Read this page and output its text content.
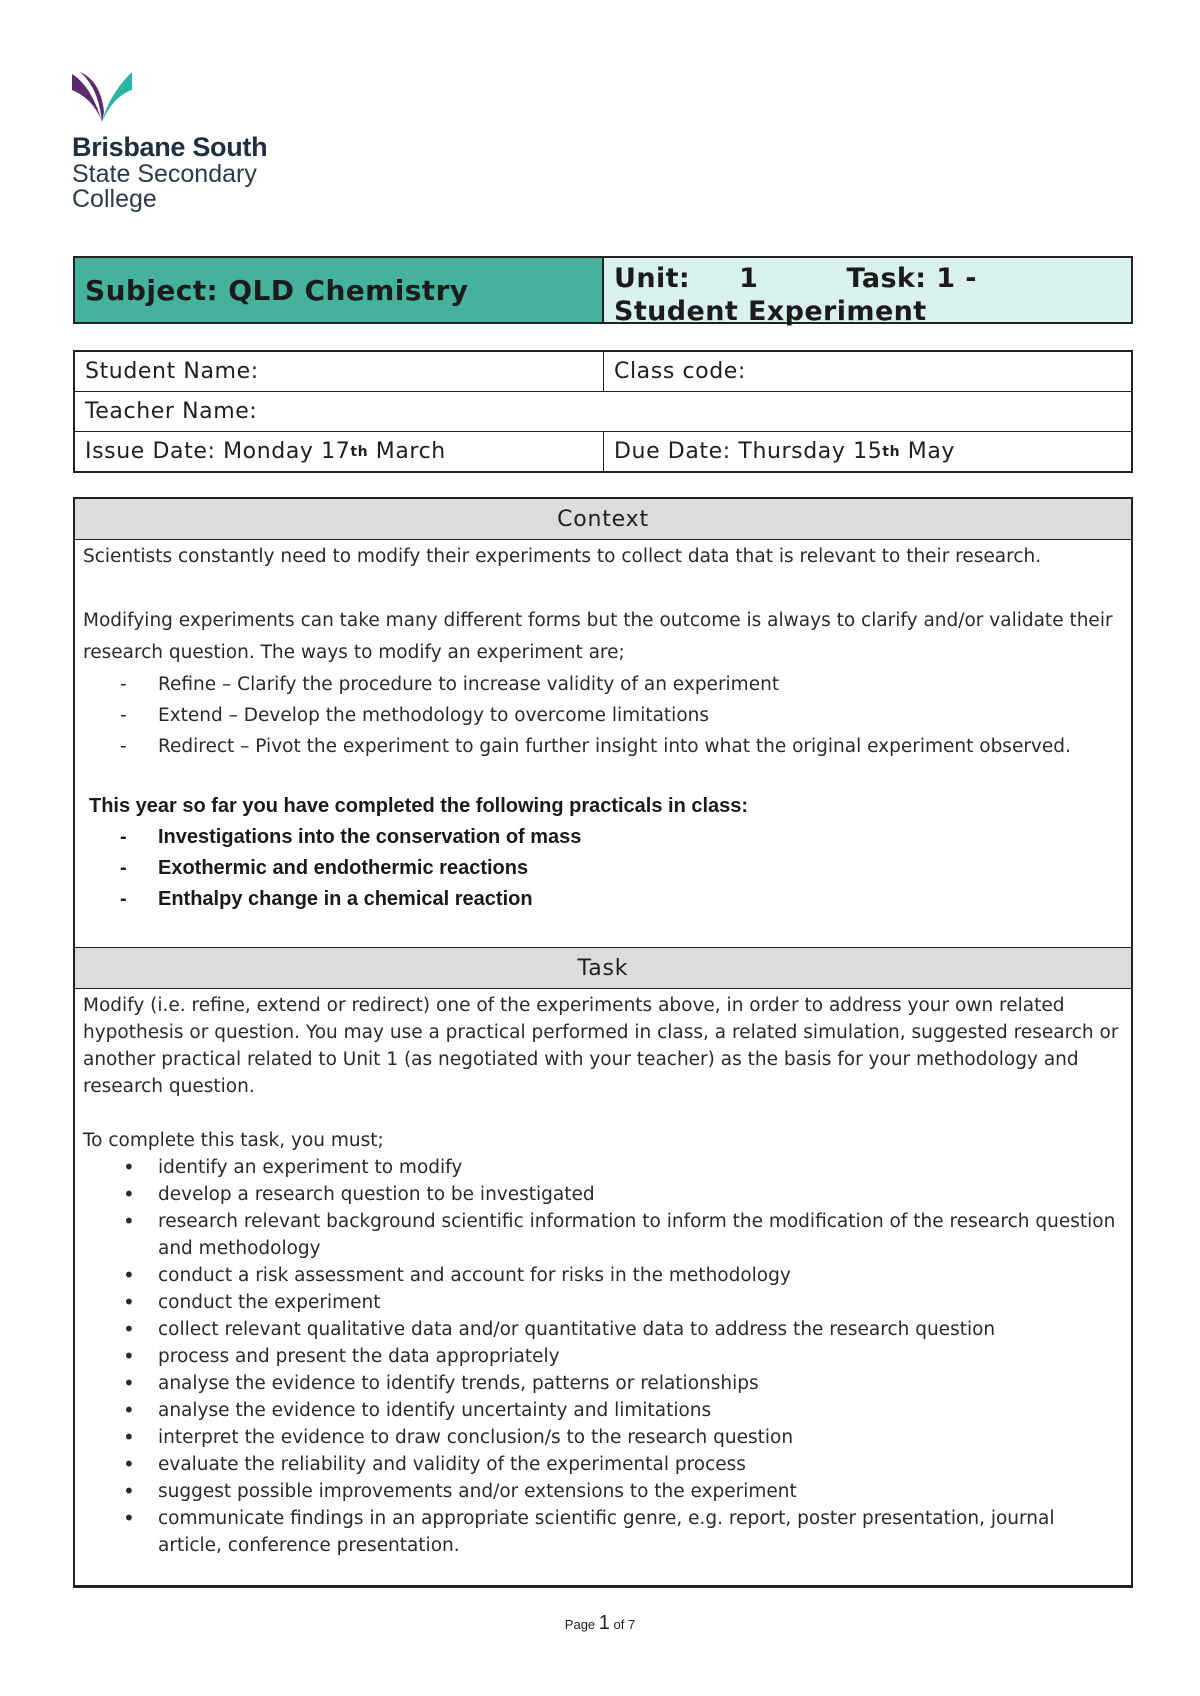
Brisbane South
State Secondary
College
Subject: QLD Chemistry	Unit:     1         Task: 1 -
Student Experiment
Student Name:	Class code:
Teacher Name:
Issue Date: Monday 17 th March	Due Date: Thursday 15 th May
Context

Scientists constantly need to modify their experiments to collect data that is relevant to their research.

Modifying experiments can take many different forms but the outcome is always to clarify and/or validate their research question. The ways to modify an experiment are;

- Refine – Clarify the procedure to increase validity of an experiment
- Extend – Develop the methodology to overcome limitations
- Redirect – Pivot the experiment to gain further insight into what the original experiment observed.

This year so far you have completed the following practicals in class:

- Investigations into the conservation of mass
- Exothermic and endothermic reactions
- Enthalpy change in a chemical reaction
Task

Modify (i.e. refine, extend or redirect) one of the experiments above, in order to address your own related hypothesis or question. You may use a practical performed in class, a related simulation, suggested research or another practical related to Unit 1 (as negotiated with your teacher) as the basis for your methodology and research question.

To complete this task, you must;

• identify an experiment to modify
• develop a research question to be investigated
• research relevant background scientific information to inform the modification of the research question and methodology
• conduct a risk assessment and account for risks in the methodology
• conduct the experiment
• collect relevant qualitative data and/or quantitative data to address the research question
• process and present the data appropriately
• analyse the evidence to identify trends, patterns or relationships
• analyse the evidence to identify uncertainty and limitations
• interpret the evidence to draw conclusion/s to the research question
• evaluate the reliability and validity of the experimental process
• suggest possible improvements and/or extensions to the experiment
• communicate findings in an appropriate scientific genre, e.g. report, poster presentation, journal article, conference presentation.
Page 1 of 7
